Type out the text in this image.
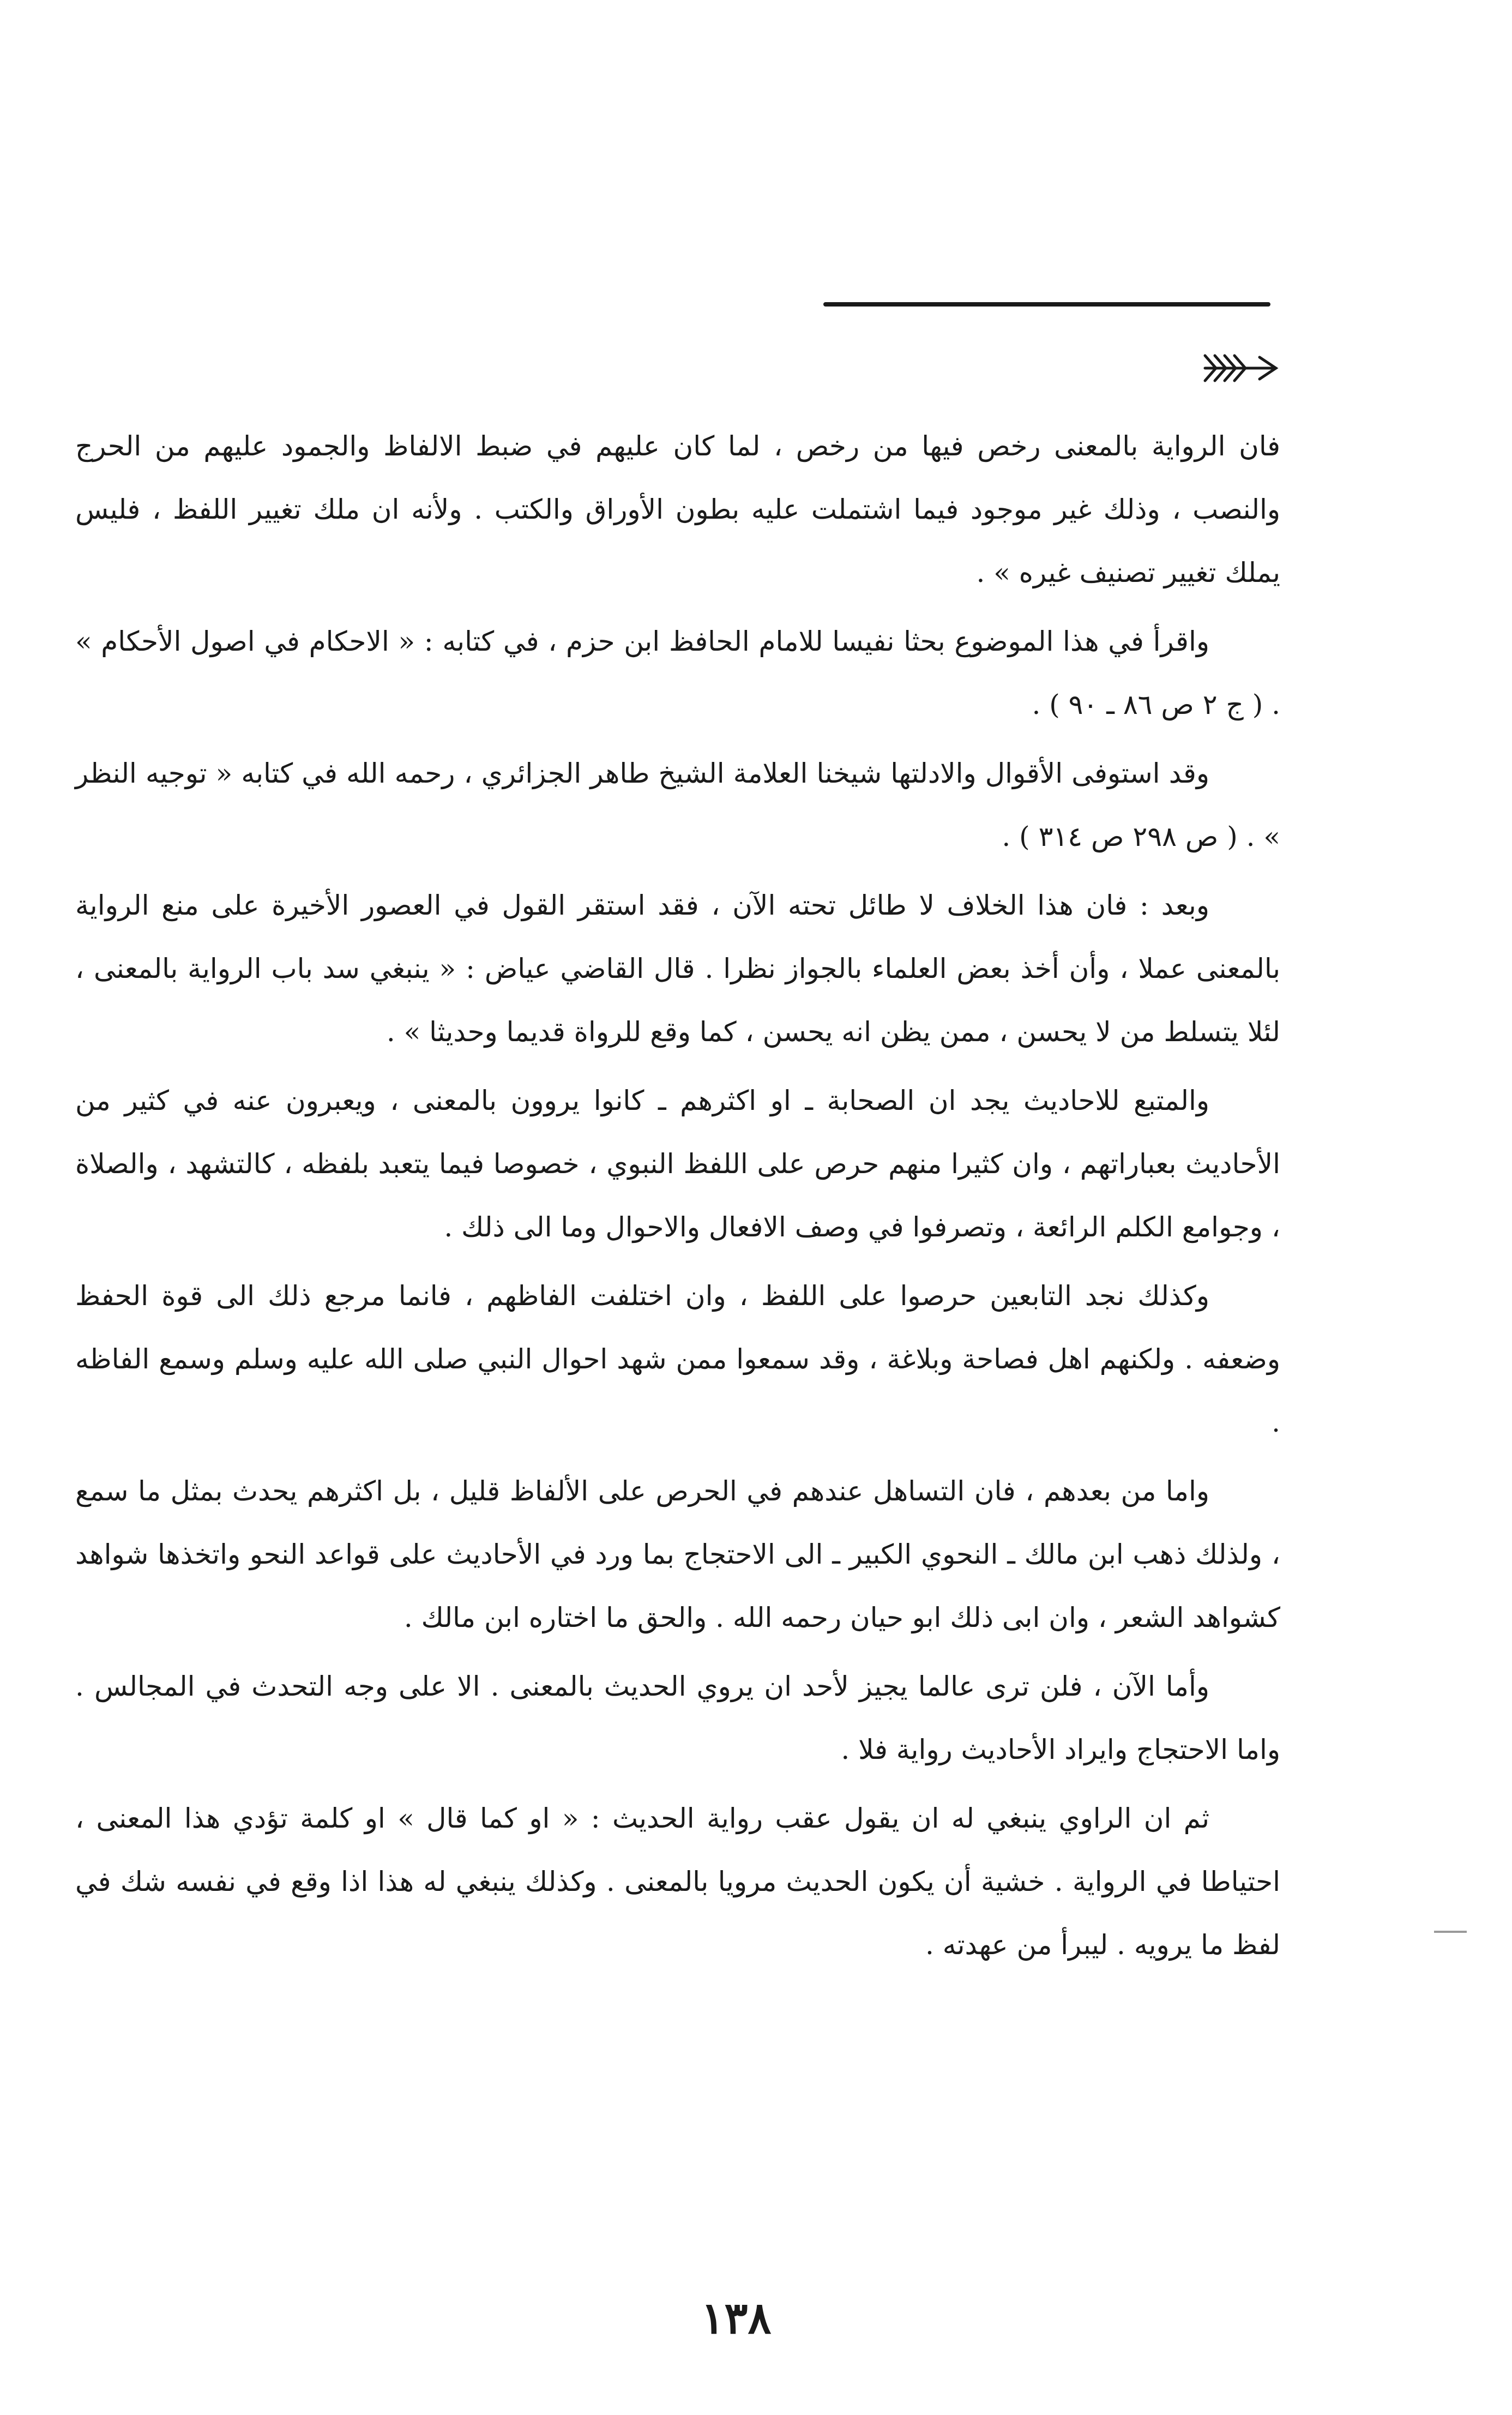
فان الرواية بالمعنى رخص فيها من رخص ، لما كان عليهم في ضبط الالفاظ والجمود عليهم من الحرج والنصب ، وذلك غير موجود فيما اشتملت عليه بطون الأوراق والكتب . ولأنه ان ملك تغيير اللفظ ، فليس يملك تغيير تصنيف غيره » .

واقرأ في هذا الموضوع بحثا نفيسا للامام الحافظ ابن حزم ، في كتابه : « الاحكام في اصول الأحكام » . ( ج ٢ ص ٨٦ ـ ٩٠ ) .

وقد استوفى الأقوال والادلتها شيخنا العلامة الشيخ طاهر الجزائري ، رحمه الله في كتابه « توجيه النظر » . ( ص ٢٩٨ ص ٣١٤ ) .

وبعد : فان هذا الخلاف لا طائل تحته الآن ، فقد استقر القول في العصور الأخيرة على منع الرواية بالمعنى عملا ، وأن أخذ بعض العلماء بالجواز نظرا . قال القاضي عياض : « ينبغي سد باب الرواية بالمعنى ، لئلا يتسلط من لا يحسن ، ممن يظن انه يحسن ، كما وقع للرواة قديما وحديثا » .

والمتبع للاحاديث يجد ان الصحابة ـ او اكثرهم ـ كانوا يروون بالمعنى ، ويعبرون عنه في كثير من الأحاديث بعباراتهم ، وان كثيرا منهم حرص على اللفظ النبوي ، خصوصا فيما يتعبد بلفظه ، كالتشهد ، والصلاة ، وجوامع الكلم الرائعة ، وتصرفوا في وصف الافعال والاحوال وما الى ذلك .

وكذلك نجد التابعين حرصوا على اللفظ ، وان اختلفت الفاظهم ، فانما مرجع ذلك الى قوة الحفظ وضعفه . ولكنهم اهل فصاحة وبلاغة ، وقد سمعوا ممن شهد احوال النبي صلى الله عليه وسلم وسمع الفاظه .

واما من بعدهم ، فان التساهل عندهم في الحرص على الألفاظ قليل ، بل اكثرهم يحدث بمثل ما سمع ، ولذلك ذهب ابن مالك ـ النحوي الكبير ـ الى الاحتجاج بما ورد في الأحاديث على قواعد النحو واتخذها شواهد كشواهد الشعر ، وان ابى ذلك ابو حيان رحمه الله . والحق ما اختاره ابن مالك .

وأما الآن ، فلن ترى عالما يجيز لأحد ان يروي الحديث بالمعنى . الا على وجه التحدث في المجالس . واما الاحتجاج وايراد الأحاديث رواية فلا .

ثم ان الراوي ينبغي له ان يقول عقب رواية الحديث : « او كما قال » او كلمة تؤدي هذا المعنى ، احتياطا في الرواية . خشية أن يكون الحديث مرويا بالمعنى . وكذلك ينبغي له هذا اذا وقع في نفسه شك في لفظ ما يرويه . ليبرأ من عهدته .

١٣٨
